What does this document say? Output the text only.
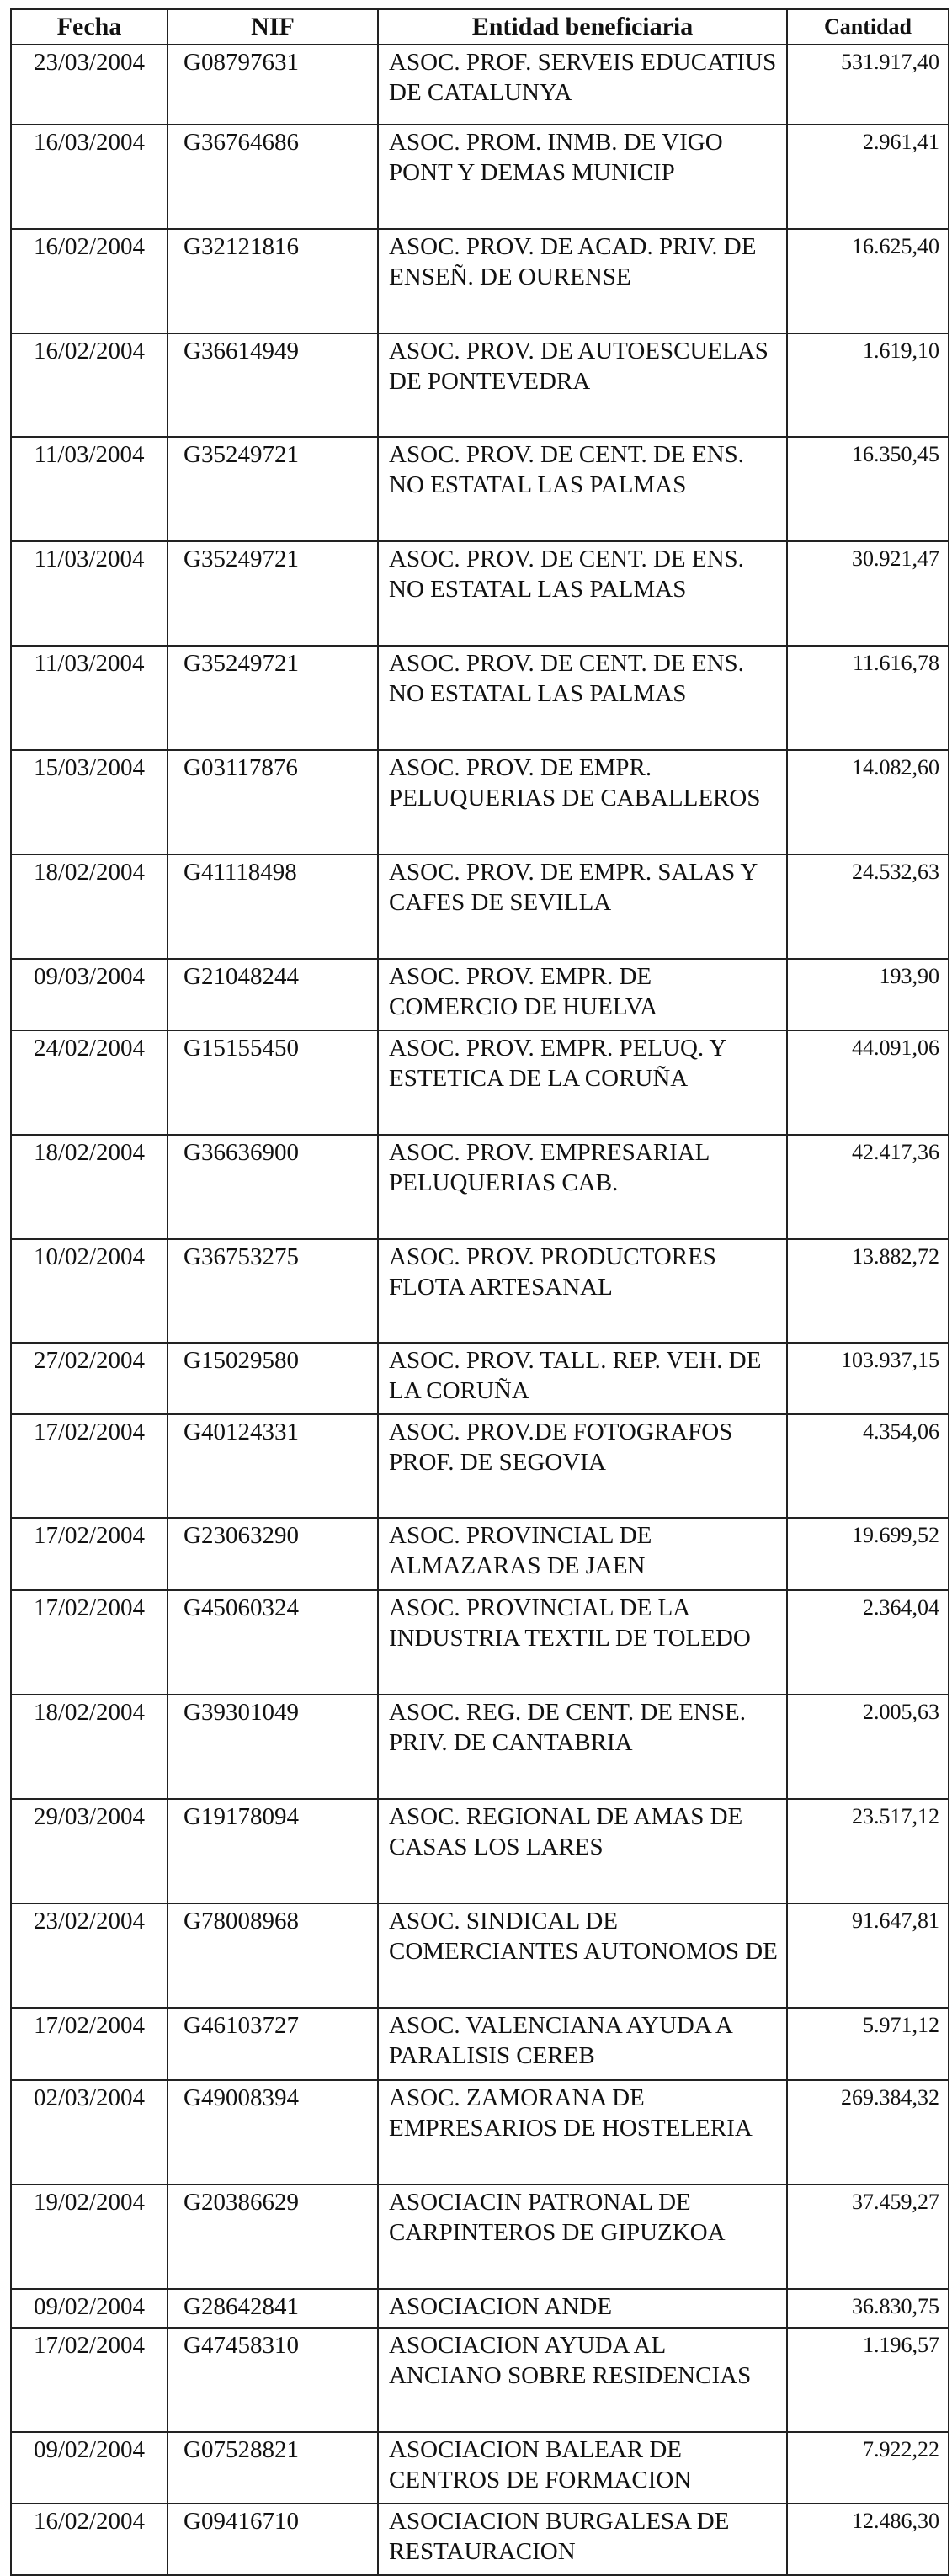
Fecha	NIF	Entidad beneficiaria	Cantidad
23/03/2004	G08797631	ASOC. PROF. SERVEIS EDUCATIUS DE CATALUNYA	531.917,40
16/03/2004	G36764686	ASOC. PROM. INMB. DE VIGO PONT Y DEMAS MUNICIP	2.961,41
16/02/2004	G32121816	ASOC. PROV. DE ACAD. PRIV. DE ENSEÑ. DE OURENSE	16.625,40
16/02/2004	G36614949	ASOC. PROV. DE AUTOESCUELAS DE PONTEVEDRA	1.619,10
11/03/2004	G35249721	ASOC. PROV. DE CENT. DE ENS. NO ESTATAL LAS PALMAS	16.350,45
11/03/2004	G35249721	ASOC. PROV. DE CENT. DE ENS. NO ESTATAL LAS PALMAS	30.921,47
11/03/2004	G35249721	ASOC. PROV. DE CENT. DE ENS. NO ESTATAL LAS PALMAS	11.616,78
15/03/2004	G03117876	ASOC. PROV. DE EMPR. PELUQUERIAS DE CABALLEROS	14.082,60
18/02/2004	G41118498	ASOC. PROV. DE EMPR. SALAS Y CAFES DE SEVILLA	24.532,63
09/03/2004	G21048244	ASOC. PROV. EMPR. DE COMERCIO DE HUELVA	193,90
24/02/2004	G15155450	ASOC. PROV. EMPR. PELUQ. Y ESTETICA DE LA CORUÑA	44.091,06
18/02/2004	G36636900	ASOC. PROV. EMPRESARIAL PELUQUERIAS CAB.	42.417,36
10/02/2004	G36753275	ASOC. PROV. PRODUCTORES FLOTA ARTESANAL	13.882,72
27/02/2004	G15029580	ASOC. PROV. TALL. REP. VEH. DE LA CORUÑA	103.937,15
17/02/2004	G40124331	ASOC. PROV.DE FOTOGRAFOS PROF. DE SEGOVIA	4.354,06
17/02/2004	G23063290	ASOC. PROVINCIAL DE ALMAZARAS DE JAEN	19.699,52
17/02/2004	G45060324	ASOC. PROVINCIAL DE LA INDUSTRIA TEXTIL DE TOLEDO	2.364,04
18/02/2004	G39301049	ASOC. REG. DE CENT. DE ENSE. PRIV. DE CANTABRIA	2.005,63
29/03/2004	G19178094	ASOC. REGIONAL DE AMAS DE CASAS LOS LARES	23.517,12
23/02/2004	G78008968	ASOC. SINDICAL DE COMERCIANTES AUTONOMOS DE	91.647,81
17/02/2004	G46103727	ASOC. VALENCIANA AYUDA A PARALISIS CEREB	5.971,12
02/03/2004	G49008394	ASOC. ZAMORANA DE EMPRESARIOS DE HOSTELERIA	269.384,32
19/02/2004	G20386629	ASOCIACIN PATRONAL DE CARPINTEROS DE GIPUZKOA	37.459,27
09/02/2004	G28642841	ASOCIACION ANDE	36.830,75
17/02/2004	G47458310	ASOCIACION AYUDA AL ANCIANO SOBRE RESIDENCIAS	1.196,57
09/02/2004	G07528821	ASOCIACION BALEAR DE CENTROS DE FORMACION	7.922,22
16/02/2004	G09416710	ASOCIACION BURGALESA DE RESTAURACION	12.486,30
